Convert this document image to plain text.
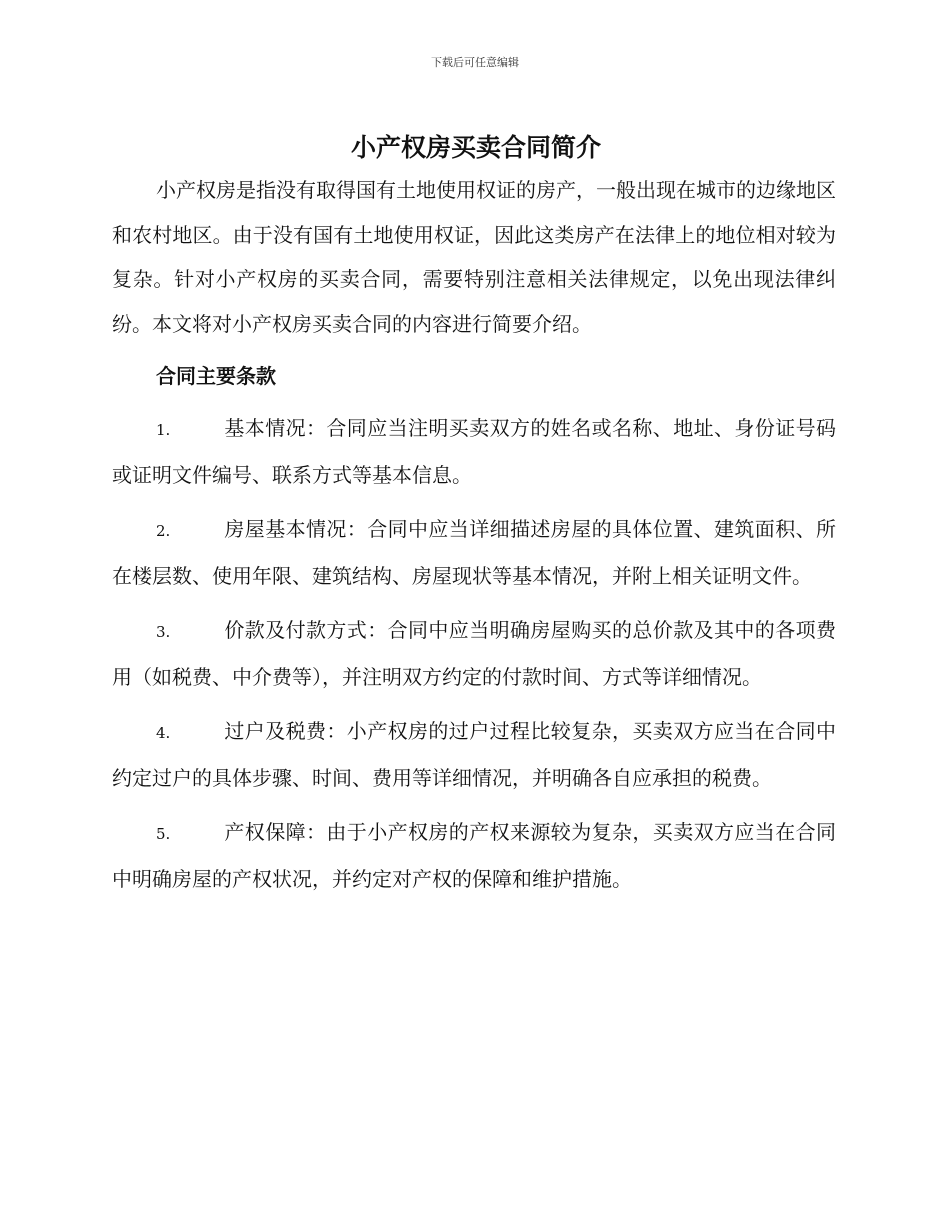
下载后可任意编辑
小产权房买卖合同简介

小产权房是指没有取得国有土地使用权证的房产，一般出现在城市的边缘地区和农村地区。由于没有国有土地使用权证，因此这类房产在法律上的地位相对较为复杂。针对小产权房的买卖合同，需要特别注意相关法律规定，以免出现法律纠纷。本文将对小产权房买卖合同的内容进行简要介绍。

合同主要条款

1.	基本情况：合同应当注明买卖双方的姓名或名称、地址、身份证号码或证明文件编号、联系方式等基本信息。

2.	房屋基本情况：合同中应当详细描述房屋的具体位置、建筑面积、所在楼层数、使用年限、建筑结构、房屋现状等基本情况，并附上相关证明文件。

3.	价款及付款方式：合同中应当明确房屋购买的总价款及其中的各项费用（如税费、中介费等），并注明双方约定的付款时间、方式等详细情况。

4.	过户及税费：小产权房的过户过程比较复杂，买卖双方应当在合同中约定过户的具体步骤、时间、费用等详细情况，并明确各自应承担的税费。

5.	产权保障：由于小产权房的产权来源较为复杂，买卖双方应当在合同中明确房屋的产权状况，并约定对产权的保障和维护措施。
